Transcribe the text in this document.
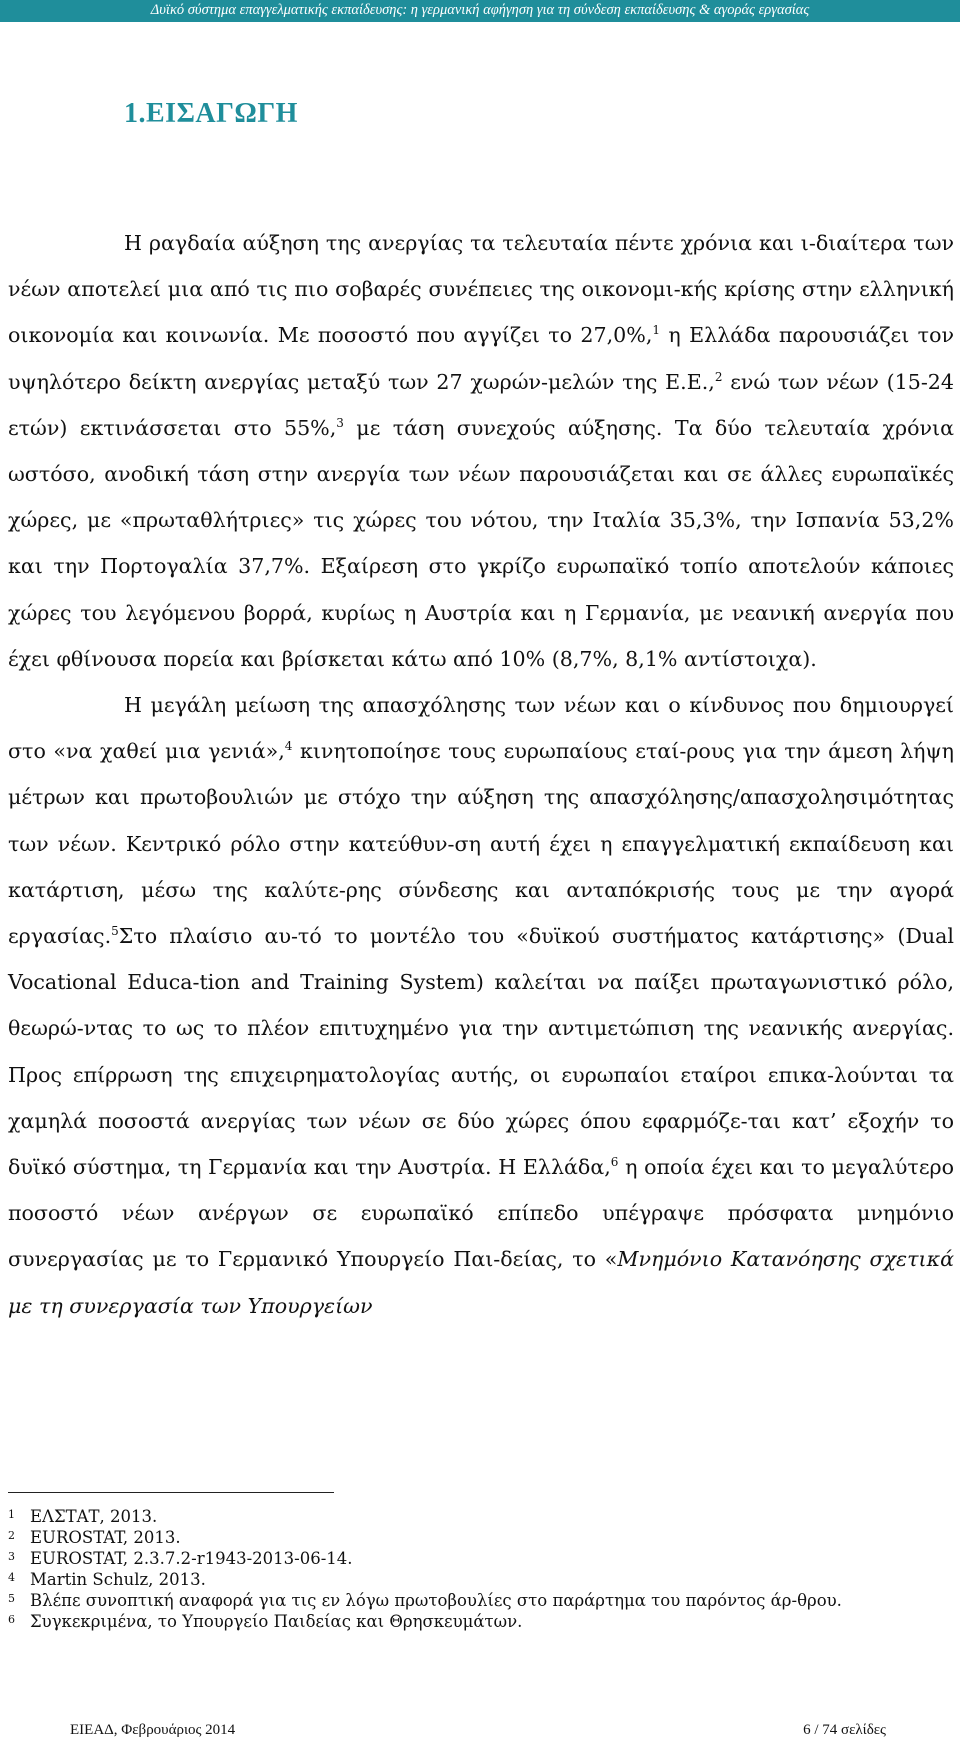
Δυϊκό σύστημα επαγγελματικής εκπαίδευσης: η γερμανική αφήγηση για τη σύνδεση εκπαίδευσης & αγοράς εργασίας
1.ΕΙΣΑΓΩΓΗ

Η ραγδαία αύξηση της ανεργίας τα τελευταία πέντε χρόνια και ι-διαίτερα των νέων αποτελεί μια από τις πιο σοβαρές συνέπειες της οικονομι-κής κρίσης στην ελληνική οικονομία και κοινωνία. Με ποσοστό που αγγίζει το 27,0%,$^1$ η Ελλάδα παρουσιάζει τον υψηλότερο δείκτη ανεργίας μεταξύ των 27 χωρών-μελών της Ε.Ε.,$^2$ ενώ των νέων (15-24 ετών) εκτινάσσεται στο 55%,$^3$ με τάση συνεχούς αύξησης. Τα δύο τελευταία χρόνια ωστόσο, ανοδική τάση στην ανεργία των νέων παρουσιάζεται και σε άλλες ευρωπαϊκές χώρες, με «πρωταθλήτριες» τις χώρες του νότου, την Ιταλία 35,3%, την Ισπανία 53,2% και την Πορτογαλία 37,7%. Εξαίρεση στο γκρίζο ευρωπαϊκό τοπίο αποτελούν κάποιες χώρες του λεγόμενου βορρά, κυρίως η Αυστρία και η Γερμανία, με νεανική ανεργία που έχει φθίνουσα πορεία και βρίσκεται κάτω από 10% (8,7%, 8,1% αντίστοιχα).

Η μεγάλη μείωση της απασχόλησης των νέων και ο κίνδυνος που δημιουργεί στο «να χαθεί μια γενιά»,$^4$ κινητοποίησε τους ευρωπαίους εταί-ρους για την άμεση λήψη μέτρων και πρωτοβουλιών με στόχο την αύξηση της απασχόλησης/απασχολησιμότητας των νέων. Κεντρικό ρόλο στην κατεύθυν-ση αυτή έχει η επαγγελματική εκπαίδευση και κατάρτιση, μέσω της καλύτε-ρης σύνδεσης και ανταπόκρισής τους με την αγορά εργασίας.$^5$Στο πλαίσιο αυ-τό το μοντέλο του «δυϊκού συστήματος κατάρτισης» (Dual Vocational Educa-tion and Training System) καλείται να παίξει πρωταγωνιστικό ρόλο, θεωρώ-ντας το ως το πλέον επιτυχημένο για την αντιμετώπιση της νεανικής ανεργίας. Προς επίρρωση της επιχειρηματολογίας αυτής, οι ευρωπαίοι εταίροι επικα-λούνται τα χαμηλά ποσοστά ανεργίας των νέων σε δύο χώρες όπου εφαρμόζε-ται κατ’ εξοχήν το δυϊκό σύστημα, τη Γερμανία και την Αυστρία. Η Ελλάδα,$^6$ η οποία έχει και το μεγαλύτερο ποσοστό νέων ανέργων σε ευρωπαϊκό επίπεδο υπέγραψε πρόσφατα μνημόνιο συνεργασίας με το Γερμανικό Υπουργείο Παι-δείας, το «Μνημόνιο Κατανόησης σχετικά με τη συνεργασία των Υπουργείων

1 ΕΛΣΤΑΤ, 2013.
2 EUROSTAT, 2013.
3 EUROSTAT, 2.3.7.2-r1943-2013-06-14.
4 Martin Schulz, 2013.
5 Βλέπε συνοπτική αναφορά για τις εν λόγω πρωτοβουλίες στο παράρτημα του παρόντος άρ-θρου.
6 Συγκεκριμένα, το Υπουργείο Παιδείας και Θρησκευμάτων.
ΕΙΕΑΔ, Φεβρουάριος 2014	6 / 74 σελίδες
